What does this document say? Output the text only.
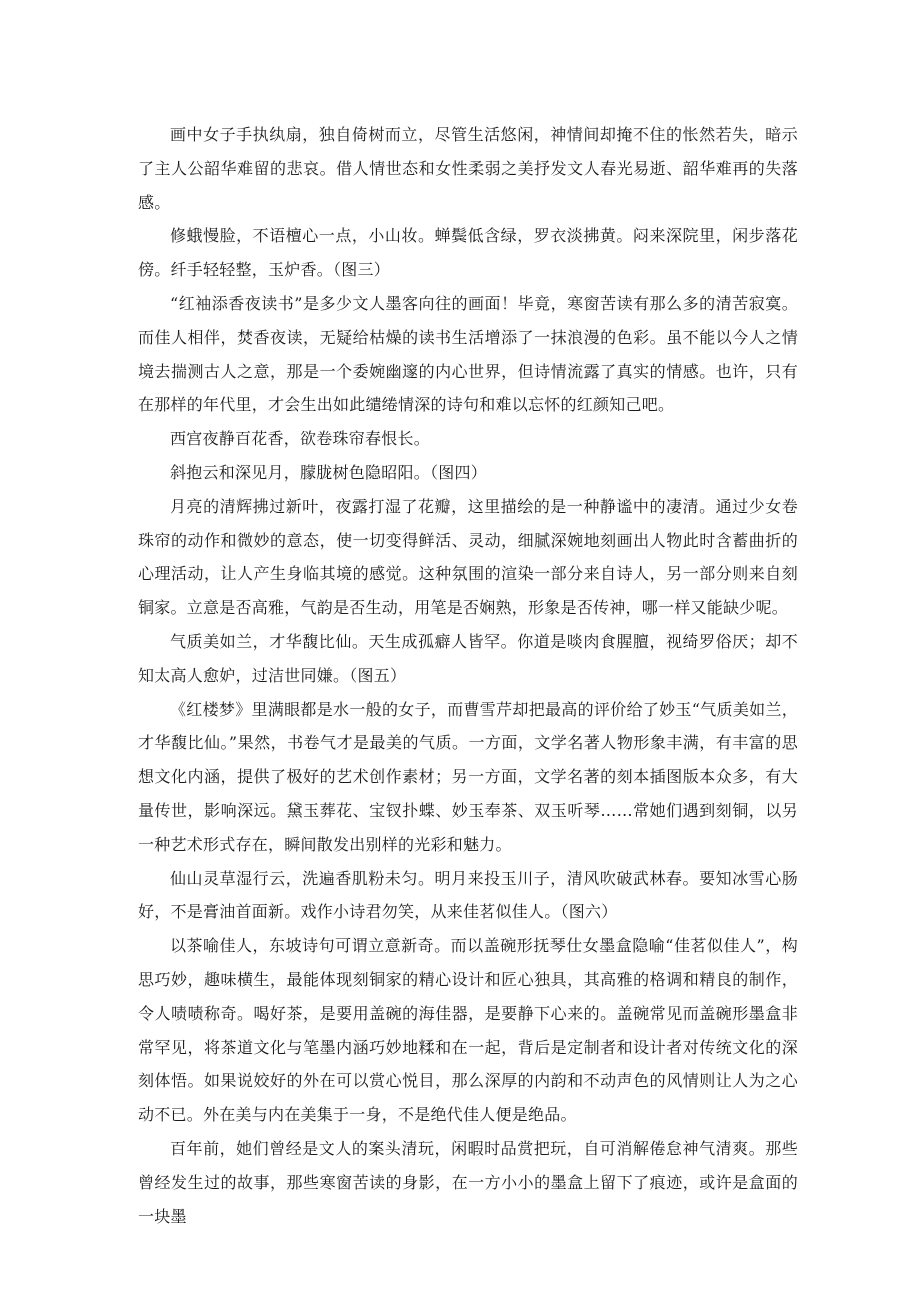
画中女子手执纨扇，独自倚树而立，尽管生活悠闲，神情间却掩不住的怅然若失，暗示了主人公韶华难留的悲哀。借人情世态和女性柔弱之美抒发文人春光易逝、韶华难再的失落感。

修蛾慢脸，不语檀心一点，小山妆。蝉鬓低含绿，罗衣淡拂黄。闷来深院里，闲步落花傍。纤手轻轻整，玉炉香。（图三）

“红袖添香夜读书”是多少文人墨客向往的画面！毕竟，寒窗苦读有那么多的清苦寂寞。而佳人相伴，焚香夜读，无疑给枯燥的读书生活增添了一抹浪漫的色彩。虽不能以今人之情境去揣测古人之意，那是一个委婉幽邃的内心世界，但诗情流露了真实的情感。也许，只有在那样的年代里，才会生出如此缱绻情深的诗句和难以忘怀的红颜知己吧。

西宫夜静百花香，欲卷珠帘春恨长。

斜抱云和深见月，朦胧树色隐昭阳。（图四）

月亮的清辉拂过新叶，夜露打湿了花瓣，这里描绘的是一种静谧中的凄清。通过少女卷珠帘的动作和微妙的意态，使一切变得鲜活、灵动，细腻深婉地刻画出人物此时含蓄曲折的心理活动，让人产生身临其境的感觉。这种氛围的渲染一部分来自诗人，另一部分则来自刻铜家。立意是否高雅，气韵是否生动，用笔是否娴熟，形象是否传神，哪一样又能缺少呢。

气质美如兰，才华馥比仙。天生成孤癖人皆罕。你道是啖肉食腥膻，视绮罗俗厌；却不知太高人愈妒，过洁世同嫌。（图五）

《红楼梦》里满眼都是水一般的女子，而曹雪芹却把最高的评价给了妙玉“气质美如兰，才华馥比仙。”果然，书卷气才是最美的气质。一方面，文学名著人物形象丰满，有丰富的思想文化内涵，提供了极好的艺术创作素材；另一方面，文学名著的刻本插图版本众多，有大量传世，影响深远。黛玉葬花、宝钗扑蝶、妙玉奉茶、双玉听琴……常她们遇到刻铜，以另一种艺术形式存在，瞬间散发出别样的光彩和魅力。

仙山灵草湿行云，洗遍香肌粉未匀。明月来投玉川子，清风吹破武林春。要知冰雪心肠好，不是膏油首面新。戏作小诗君勿笑，从来佳茗似佳人。（图六）

以茶喻佳人，东坡诗句可谓立意新奇。而以盖碗形抚琴仕女墨盒隐喻“佳茗似佳人”，构思巧妙，趣味横生，最能体现刻铜家的精心设计和匠心独具，其高雅的格调和精良的制作，令人啧啧称奇。喝好茶，是要用盖碗的海佳器，是要静下心来的。盖碗常见而盖碗形墨盒非常罕见，将茶道文化与笔墨内涵巧妙地糅和在一起，背后是定制者和设计者对传统文化的深刻体悟。如果说姣好的外在可以赏心悦目，那么深厚的内韵和不动声色的风情则让人为之心动不已。外在美与内在美集于一身，不是绝代佳人便是绝品。

百年前，她们曾经是文人的案头清玩，闲暇时品赏把玩，自可消解倦怠神气清爽。那些曾经发生过的故事，那些寒窗苦读的身影，在一方小小的墨盒上留下了痕迹，或许是盒面的一块墨
